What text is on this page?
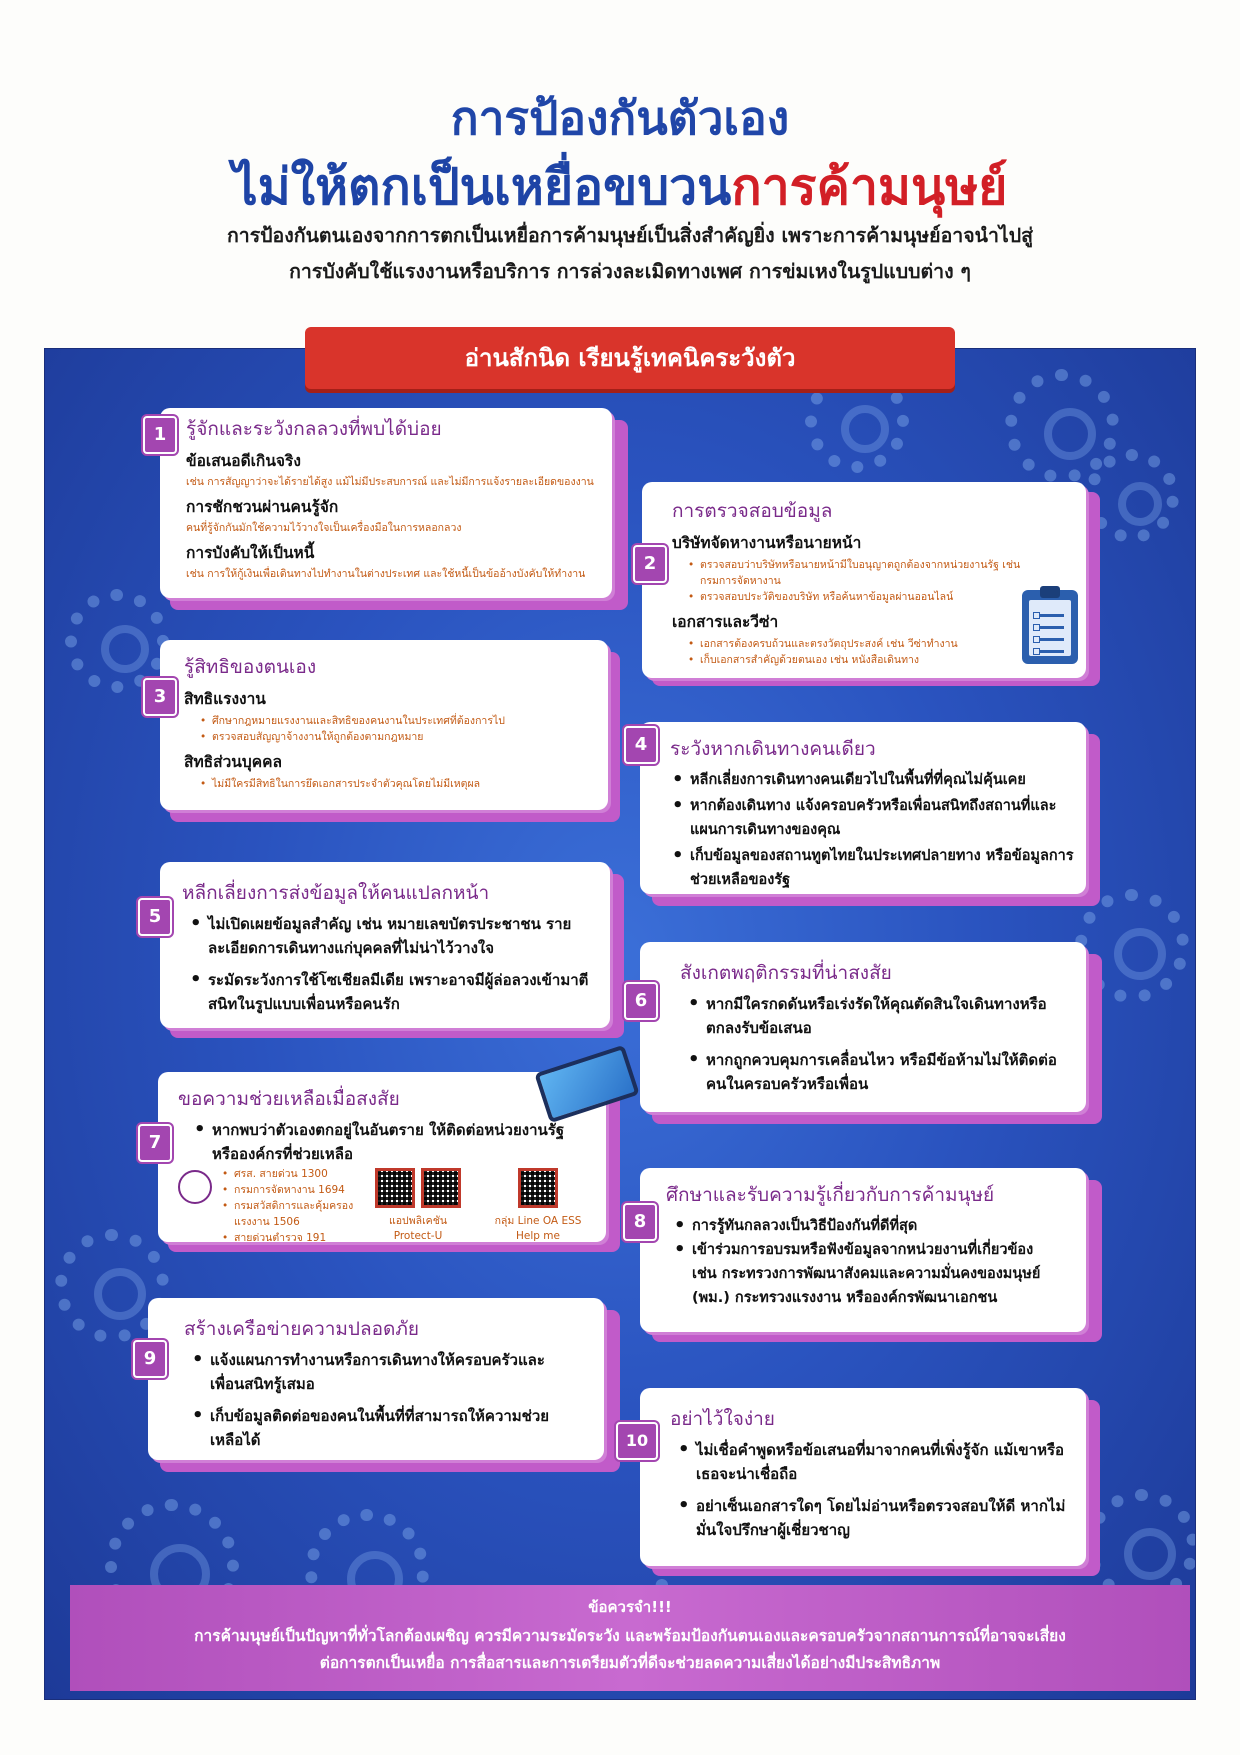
การป้องกันตัวเอง
ไม่ให้ตกเป็นเหยื่อขบวนการค้ามนุษย์
การป้องกันตนเองจากการตกเป็นเหยื่อการค้ามนุษย์เป็นสิ่งสำคัญยิ่ง เพราะการค้ามนุษย์อาจนำไปสู่
การบังคับใช้แรงงานหรือบริการ การล่วงละเมิดทางเพศ การข่มเหงในรูปแบบต่าง ๆ
อ่านสักนิด เรียนรู้เทคนิคระวังตัว
รู้จักและระวังกลลวงที่พบได้บ่อย
ข้อเสนอดีเกินจริง

เช่น การสัญญาว่าจะได้รายได้สูง แม้ไม่มีประสบการณ์ และไม่มีการแจ้งรายละเอียดของงาน

การชักชวนผ่านคนรู้จัก

คนที่รู้จักกันมักใช้ความไว้วางใจเป็นเครื่องมือในการหลอกลวง

การบังคับให้เป็นหนี้

เช่น การให้กู้เงินเพื่อเดินทางไปทำงานในต่างประเทศ และใช้หนี้เป็นข้ออ้างบังคับให้ทำงาน

1
การตรวจสอบข้อมูล
บริษัทจัดหางานหรือนายหน้า
• ตรวจสอบว่าบริษัทหรือนายหน้ามีใบอนุญาตถูกต้องจากหน่วยงานรัฐ เช่น กรมการจัดหางาน
• ตรวจสอบประวัติของบริษัท หรือค้นหาข้อมูลผ่านออนไลน์
เอกสารและวีซ่า
• เอกสารต้องครบถ้วนและตรงวัตถุประสงค์ เช่น วีซ่าทำงาน
• เก็บเอกสารสำคัญด้วยตนเอง เช่น หนังสือเดินทาง
2
รู้สิทธิของตนเอง
สิทธิแรงงาน
• ศึกษากฎหมายแรงงานและสิทธิของคนงานในประเทศที่ต้องการไป
• ตรวจสอบสัญญาจ้างงานให้ถูกต้องตามกฎหมาย
สิทธิส่วนบุคคล
• ไม่มีใครมีสิทธิในการยึดเอกสารประจำตัวคุณโดยไม่มีเหตุผล
3
ระวังหากเดินทางคนเดียว
• หลีกเลี่ยงการเดินทางคนเดียวไปในพื้นที่ที่คุณไม่คุ้นเคย
• หากต้องเดินทาง แจ้งครอบครัวหรือเพื่อนสนิทถึงสถานที่และแผนการเดินทางของคุณ
• เก็บข้อมูลของสถานทูตไทยในประเทศปลายทาง หรือข้อมูลการช่วยเหลือของรัฐ
4
หลีกเลี่ยงการส่งข้อมูลให้คนแปลกหน้า
• ไม่เปิดเผยข้อมูลสำคัญ เช่น หมายเลขบัตรประชาชน รายละเอียดการเดินทางแก่บุคคลที่ไม่น่าไว้วางใจ
• ระมัดระวังการใช้โซเชียลมีเดีย เพราะอาจมีผู้ล่อลวงเข้ามาตีสนิทในรูปแบบเพื่อนหรือคนรัก
5
สังเกตพฤติกรรมที่น่าสงสัย
• หากมีใครกดดันหรือเร่งรัดให้คุณตัดสินใจเดินทางหรือตกลงรับข้อเสนอ
• หากถูกควบคุมการเคลื่อนไหว หรือมีข้อห้ามไม่ให้ติดต่อคนในครอบครัวหรือเพื่อน
6
ขอความช่วยเหลือเมื่อสงสัย
• หากพบว่าตัวเองตกอยู่ในอันตราย ให้ติดต่อหน่วยงานรัฐหรือองค์กรที่ช่วยเหลือ
• ศรส. สายด่วน 1300
• กรมการจัดหางาน 1694
• กรมสวัสดิการและคุ้มครองแรงงาน 1506
• สายด่วนตำรวจ 191

แอปพลิเคชัน Protect-U
กลุ่ม Line OA ESS Help me
7
ศึกษาและรับความรู้เกี่ยวกับการค้ามนุษย์
• การรู้ทันกลลวงเป็นวิธีป้องกันที่ดีที่สุด
• เข้าร่วมการอบรมหรือฟังข้อมูลจากหน่วยงานที่เกี่ยวข้อง เช่น กระทรวงการพัฒนาสังคมและความมั่นคงของมนุษย์ (พม.) กระทรวงแรงงาน หรือองค์กรพัฒนาเอกชน
8
สร้างเครือข่ายความปลอดภัย
• แจ้งแผนการทำงานหรือการเดินทางให้ครอบครัวและเพื่อนสนิทรู้เสมอ
• เก็บข้อมูลติดต่อของคนในพื้นที่ที่สามารถให้ความช่วยเหลือได้
9
อย่าไว้ใจง่าย
• ไม่เชื่อคำพูดหรือข้อเสนอที่มาจากคนที่เพิ่งรู้จัก แม้เขาหรือเธอจะน่าเชื่อถือ
• อย่าเซ็นเอกสารใดๆ โดยไม่อ่านหรือตรวจสอบให้ดี หากไม่มั่นใจปรึกษาผู้เชี่ยวชาญ
10
ข้อควรจำ!!!
การค้ามนุษย์เป็นปัญหาที่ทั่วโลกต้องเผชิญ ควรมีความระมัดระวัง และพร้อมป้องกันตนเองและครอบครัวจากสถานการณ์ที่อาจจะเสี่ยง
ต่อการตกเป็นเหยื่อ การสื่อสารและการเตรียมตัวที่ดีจะช่วยลดความเสี่ยงได้อย่างมีประสิทธิภาพ
